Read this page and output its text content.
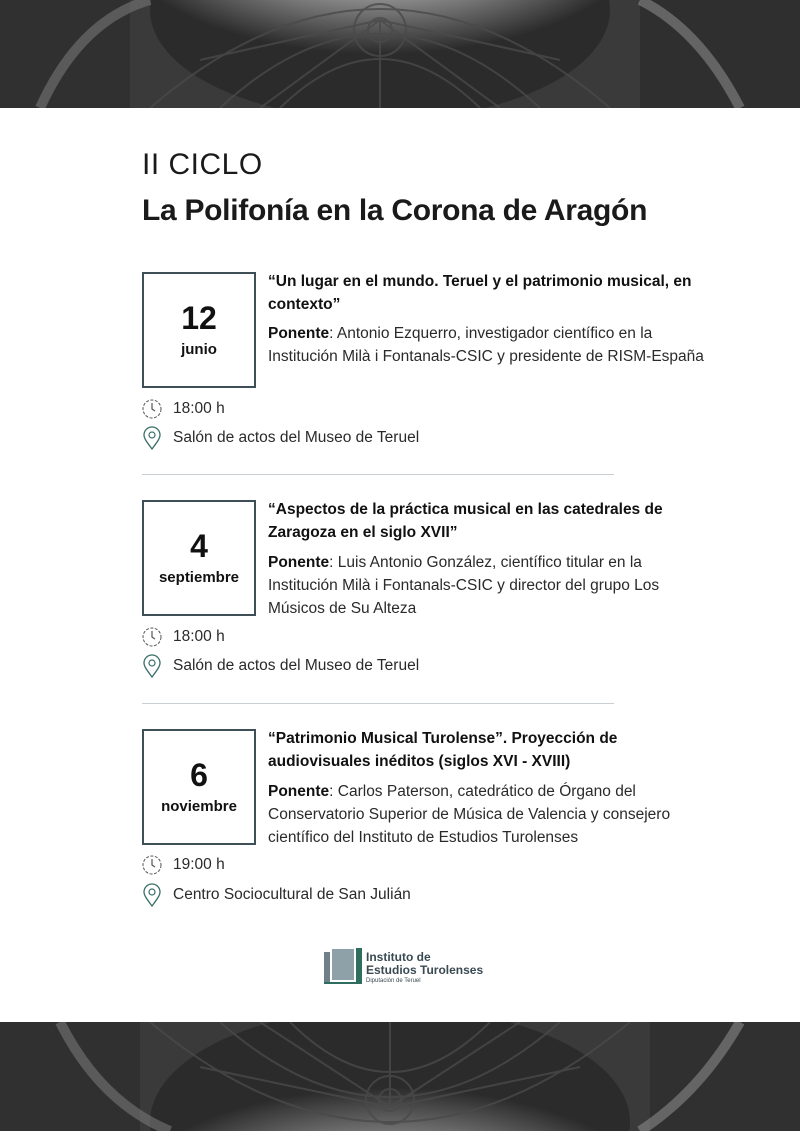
II CICLO
La Polifonía en la Corona de Aragón
12
junio
“Un lugar en el mundo. Teruel y el patrimonio musical, en contexto”
Ponente: Antonio Ezquerro, investigador científico en la Institución Milà i Fontanals-CSIC y presidente de RISM-España
18:00 h
Salón de actos del Museo de Teruel
4
septiembre
“Aspectos de la práctica musical en las catedrales de Zaragoza en el siglo XVII”
Ponente: Luis Antonio González, científico titular en la Institución Milà i Fontanals-CSIC y director del grupo Los Músicos de Su Alteza
18:00 h
Salón de actos del Museo de Teruel
6
noviembre
“Patrimonio Musical Turolense”. Proyección de audiovisuales inéditos (siglos XVI - XVIII)
Ponente: Carlos Paterson, catedrático de Órgano del Conservatorio Superior de Música de Valencia y consejero científico del Instituto de Estudios Turolenses
19:00 h
Centro Sociocultural de San Julián
Instituto de
Estudios Turolenses
Diputación de Teruel
